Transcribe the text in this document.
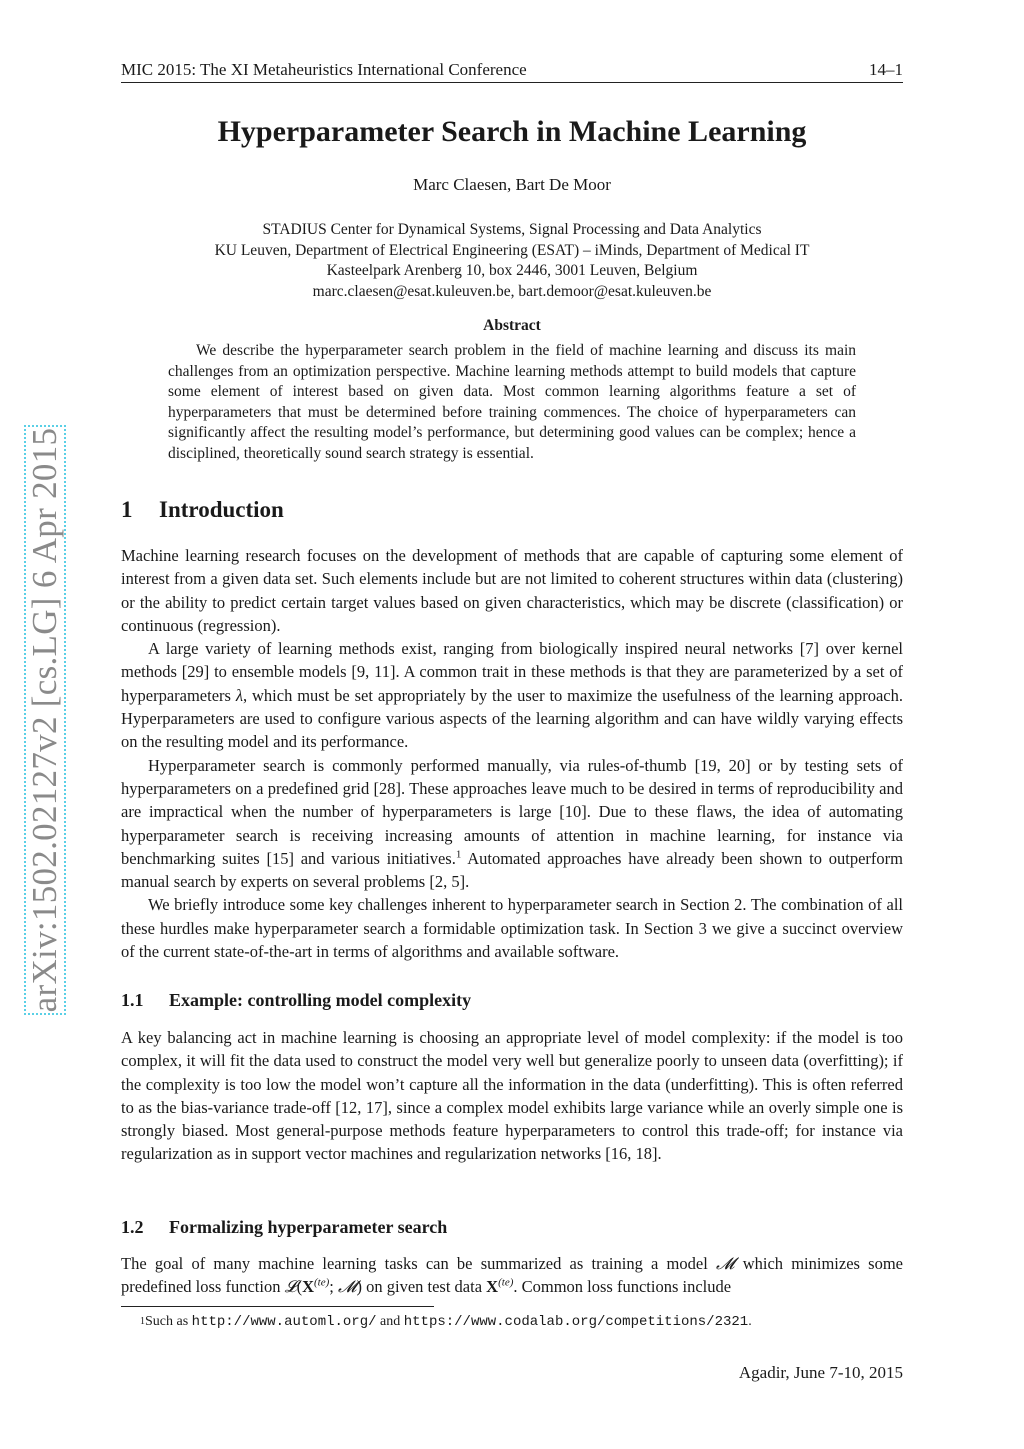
MIC 2015: The XI Metaheuristics International Conference	14–1
arXiv:1502.02127v2 [cs.LG] 6 Apr 2015
Hyperparameter Search in Machine Learning
Marc Claesen, Bart De Moor
STADIUS Center for Dynamical Systems, Signal Processing and Data Analytics
KU Leuven, Department of Electrical Engineering (ESAT) – iMinds, Department of Medical IT
Kasteelpark Arenberg 10, box 2446, 3001 Leuven, Belgium
marc.claesen@esat.kuleuven.be, bart.demoor@esat.kuleuven.be
Abstract
We describe the hyperparameter search problem in the field of machine learning and discuss its main challenges from an optimization perspective. Machine learning methods attempt to build models that capture some element of interest based on given data. Most common learning algorithms feature a set of hyperparameters that must be determined before training commences. The choice of hyperparameters can significantly affect the resulting model’s performance, but determining good values can be complex; hence a disciplined, theoretically sound search strategy is essential.
1 Introduction

Machine learning research focuses on the development of methods that are capable of capturing some element of interest from a given data set. Such elements include but are not limited to coherent structures within data (clustering) or the ability to predict certain target values based on given characteristics, which may be discrete (classification) or continuous (regression).

A large variety of learning methods exist, ranging from biologically inspired neural networks [7] over kernel methods [29] to ensemble models [9, 11]. A common trait in these methods is that they are parameterized by a set of hyperparameters λ, which must be set appropriately by the user to maximize the usefulness of the learning approach. Hyperparameters are used to configure various aspects of the learning algorithm and can have wildly varying effects on the resulting model and its performance.

Hyperparameter search is commonly performed manually, via rules-of-thumb [19, 20] or by testing sets of hyperparameters on a predefined grid [28]. These approaches leave much to be desired in terms of reproducibility and are impractical when the number of hyperparameters is large [10]. Due to these flaws, the idea of automating hyperparameter search is receiving increasing amounts of attention in machine learning, for instance via benchmarking suites [15] and various initiatives.$^1$ Automated approaches have already been shown to outperform manual search by experts on several problems [2, 5].

We briefly introduce some key challenges inherent to hyperparameter search in Section 2. The combination of all these hurdles make hyperparameter search a formidable optimization task. In Section 3 we give a succinct overview of the current state-of-the-art in terms of algorithms and available software.

1.1 Example: controlling model complexity

A key balancing act in machine learning is choosing an appropriate level of model complexity: if the model is too complex, it will fit the data used to construct the model very well but generalize poorly to unseen data (overfitting); if the complexity is too low the model won’t capture all the information in the data (underfitting). This is often referred to as the bias-variance trade-off [12, 17], since a complex model exhibits large variance while an overly simple one is strongly biased. Most general-purpose methods feature hyperparameters to control this trade-off; for instance via regularization as in support vector machines and regularization networks [16, 18].

1.2 Formalizing hyperparameter search

The goal of many machine learning tasks can be summarized as training a model 𝓜 which minimizes some predefined loss function $𝓛(X^{(te)}$; 𝓜) on given test data $X^{(te)}$. Common loss functions include

1Such as http://www.automl.org/ and https://www.codalab.org/competitions/2321.
Agadir, June 7-10, 2015
